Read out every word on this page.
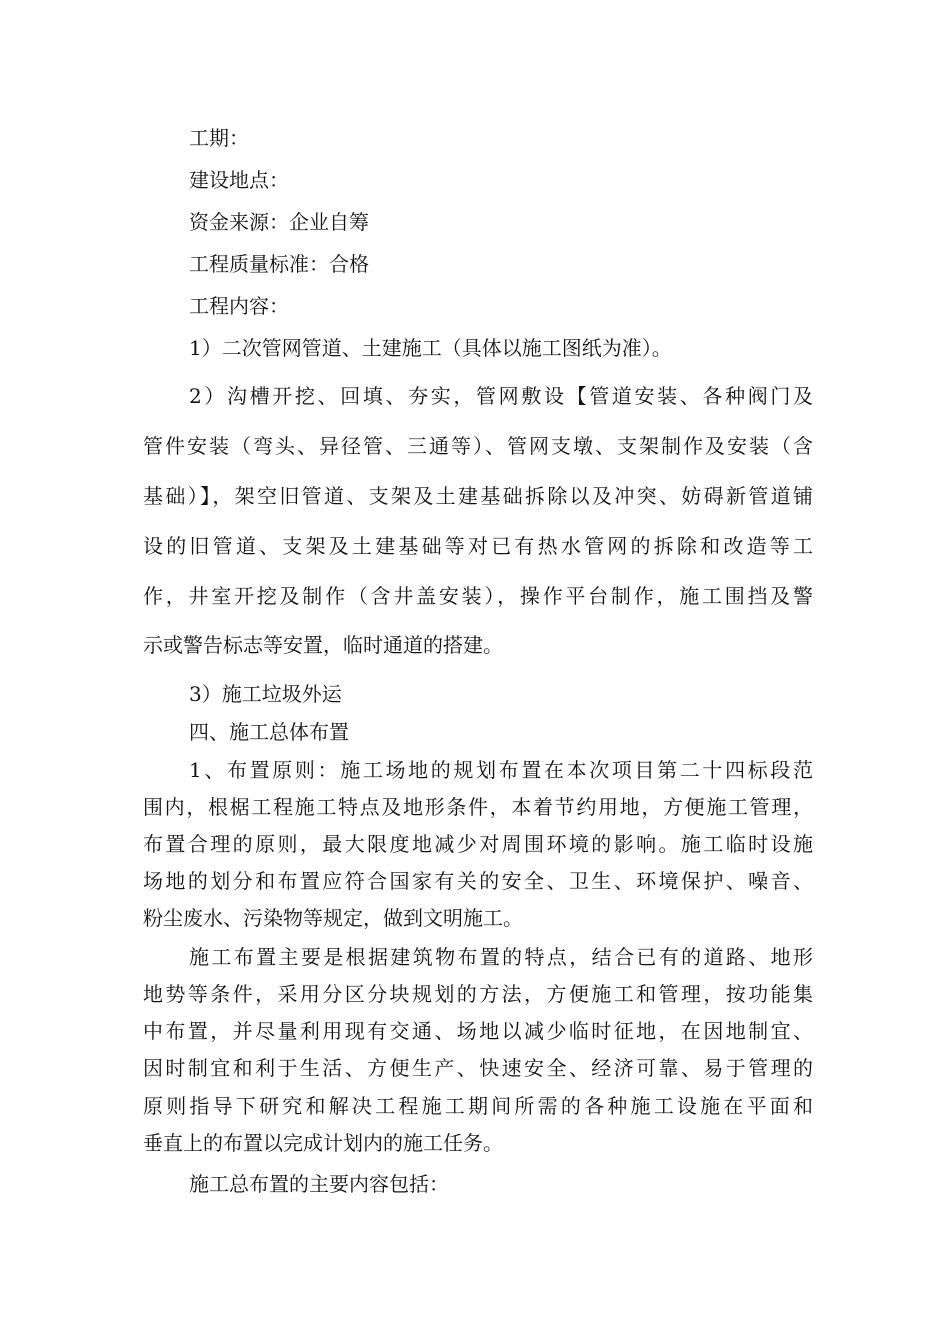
工期：

建设地点：

资金来源：企业自筹

工程质量标准：合格

工程内容：

1）二次管网管道、土建施工（具体以施工图纸为准）。

2）沟槽开挖、回填、夯实，管网敷设【管道安装、各种阀门及

管件安装（弯头、异径管、三通等）、管网支墩、支架制作及安装（含

基础）】，架空旧管道、支架及土建基础拆除以及冲突、妨碍新管道铺

设的旧管道、支架及土建基础等对已有热水管网的拆除和改造等工

作，井室开挖及制作（含井盖安装），操作平台制作，施工围挡及警

示或警告标志等安置，临时通道的搭建。

3）施工垃圾外运

四、施工总体布置

1、布置原则：施工场地的规划布置在本次项目第二十四标段范

围内，根椐工程施工特点及地形条件，本着节约用地，方便施工管理，

布置合理的原则，最大限度地减少对周围环境的影响。施工临时设施

场地的划分和布置应符合国家有关的安全、卫生、环境保护、噪音、

粉尘废水、污染物等规定，做到文明施工。

施工布置主要是根据建筑物布置的特点，结合已有的道路、地形

地势等条件，采用分区分块规划的方法，方便施工和管理，按功能集

中布置，并尽量利用现有交通、场地以减少临时征地，在因地制宜、

因时制宜和利于生活、方便生产、快速安全、经济可靠、易于管理的

原则指导下研究和解决工程施工期间所需的各种施工设施在平面和

垂直上的布置以完成计划内的施工任务。

施工总布置的主要内容包括：
